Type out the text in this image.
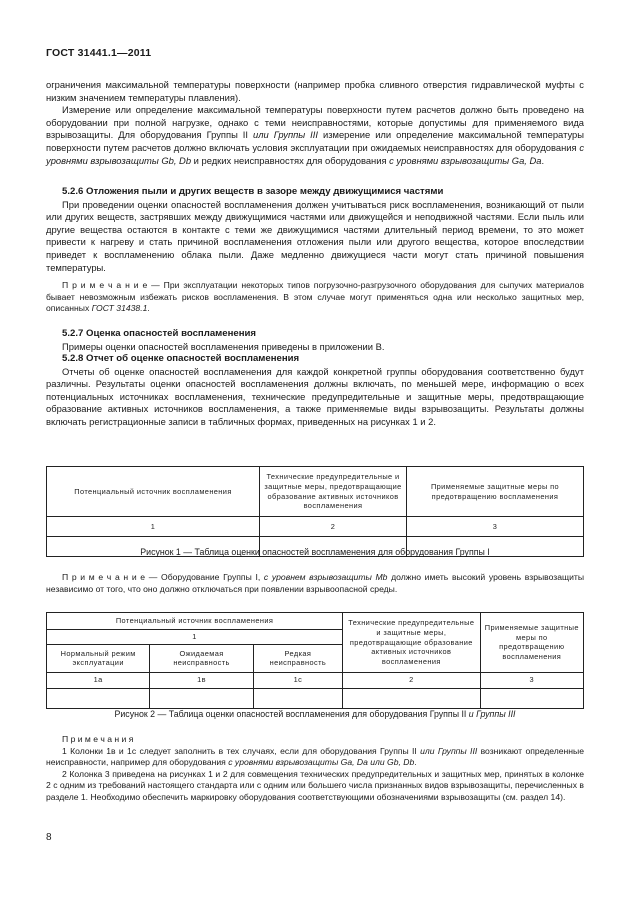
ГОСТ 31441.1—2011

ограничения максимальной температуры поверхности (например пробка сливного отверстия гидравлической муфты с низким значением температуры плавления).

Измерение или определение максимальной температуры поверхности путем расчетов должно быть проведено на оборудовании при полной нагрузке, однако с теми неисправностями, которые допустимы для применяемого вида взрывозащиты. Для оборудования Группы II или Группы III измерение или определение максимальной температуры поверхности путем расчетов должно включать условия эксплуатации при ожидаемых неисправностях для оборудования с уровнями взрывозащиты Gb, Db и редких неисправностях для оборудования с уровнями взрывозащиты Ga, Da.

5.2.6 Отложения пыли и других веществ в зазоре между движущимися частями

При проведении оценки опасностей воспламенения должен учитываться риск воспламенения, возникающий от пыли или других веществ, застрявших между движущимися частями или движущейся и неподвижной частями. Если пыль или другие вещества остаются в контакте с теми же движущимися частями длительный период времени, то это может привести к нагреву и стать причиной воспламенения отложения пыли или другого вещества, которое впоследствии приведет к воспламенению облака пыли. Даже медленно движущиеся части могут стать причиной повышения температуры.

П р и м е ч а н и е — При эксплуатации некоторых типов погрузочно-разгрузочного оборудования для сыпучих материалов бывает невозможным избежать рисков воспламенения. В этом случае могут применяться одна или несколько защитных мер, описанных ГОСТ 31438.1.

5.2.7 Оценка опасностей воспламенения

Примеры оценки опасностей воспламенения приведены в приложении В.

5.2.8 Отчет об оценке опасностей воспламенения

Отчеты об оценке опасностей воспламенения для каждой конкретной группы оборудования соответственно будут различны. Результаты оценки опасностей воспламенения должны включать, по меньшей мере, информацию о всех потенциальных источниках воспламенения, технические предупредительные и защитные меры, предотвращающие образование активных источников воспламенения, а также применяемые виды взрывозащиты. Результаты должны включать регистрационные записи в табличных формах, приведенных на рисунках 1 и 2.

Потенциальный источник воспламенения	Технические предупредительные и защитные меры, предотвращающие образование активных источников воспламенения	Применяемые защитные меры по предотвращению воспламенения
1	2	3

Рисунок 1 — Таблица оценки опасностей воспламенения для оборудования Группы I

П р и м е ч а н и е — Оборудование Группы I, с уровнем взрывозащиты Mb должно иметь высокий уровень взрывозащиты независимо от того, что оно должно отключаться при появлении взрывоопасной среды.

Потенциальный источник воспламенения			Технические предупредительные и защитные меры, предотвращающие образование активных источников воспламенения	Применяемые защитные меры по предотвращению воспламенения
1				
Нормальный режим эксплуатации	Ожидаемая неисправность	Редкая неисправность		
1а	1в	1с	2	3

Рисунок 2 — Таблица оценки опасностей воспламенения для оборудования Группы II и Группы III

П р и м е ч а н и я

1 Колонки 1в и 1с следует заполнить в тех случаях, если для оборудования Группы II или Группы III возникают определенные неисправности, например для оборудования с уровнями взрывозащиты Ga, Da или Gb, Db.

2 Колонка 3 приведена на рисунках 1 и 2 для совмещения технических предупредительных и защитных мер, принятых в колонке 2 с одним из требований настоящего стандарта или с одним или большего числа признанных видов взрывозащиты, перечисленных в разделе 1. Необходимо обеспечить маркировку оборудования соответствующими обозначениями взрывозащиты (см. раздел 14).

8
